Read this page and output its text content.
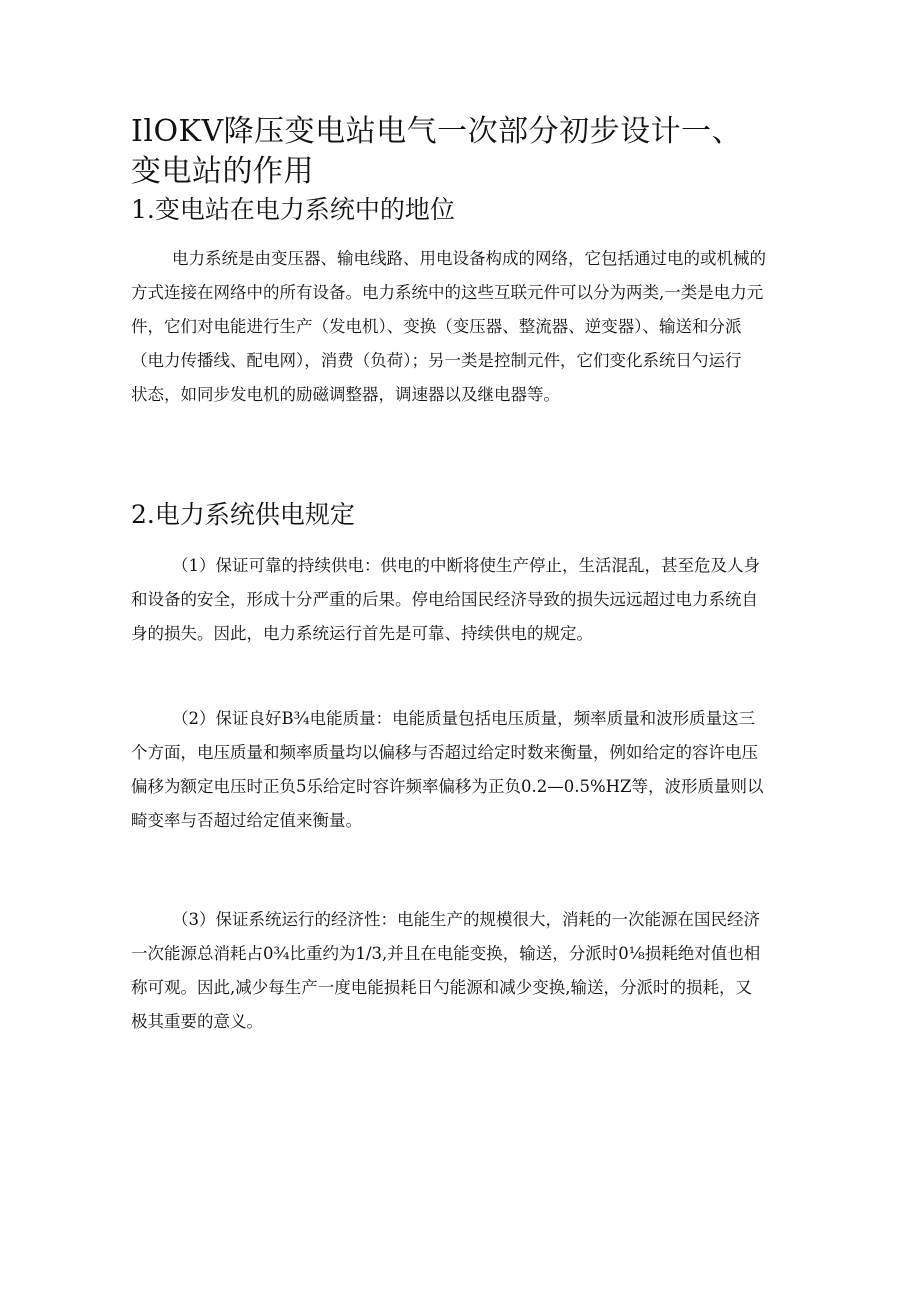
IlOKV降压变电站电气一次部分初步设计一、
变电站的作用
1.变电站在电力系统中的地位
电力系统是由变压器、输电线路、用电设备构成的网络，它包括通过电的或机械的
方式连接在网络中的所有设备。电力系统中的这些互联元件可以分为两类,一类是电力元
件，它们对电能进行生产（发电机）、变换（变压器、整流器、逆变器）、输送和分派
（电力传播线、配电网），消费（负荷）；另一类是控制元件，它们变化系统日勺运行
状态，如同步发电机的励磁调整器，调速器以及继电器等。
2.电力系统供电规定
（1）保证可靠的持续供电：供电的中断将使生产停止，生活混乱，甚至危及人身
和设备的安全，形成十分严重的后果。停电给国民经济导致的损失远远超过电力系统自
身的损失。因此，电力系统运行首先是可靠、持续供电的规定。
（2）保证良好B¾电能质量：电能质量包括电压质量，频率质量和波形质量这三
个方面，电压质量和频率质量均以偏移与否超过给定时数来衡量，例如给定的容许电压
偏移为额定电压时正负5乐给定时容许频率偏移为正负0.2—0.5%HZ等，波形质量则以
畸变率与否超过给定值来衡量。
（3）保证系统运行的经济性：电能生产的规模很大，消耗的一次能源在国民经济
一次能源总消耗占0¾比重约为1/3,并且在电能变换，输送，分派时0⅛损耗绝对值也相
称可观。因此,减少每生产一度电能损耗日勺能源和减少变换,输送，分派时的损耗，又
极其重要的意义。
